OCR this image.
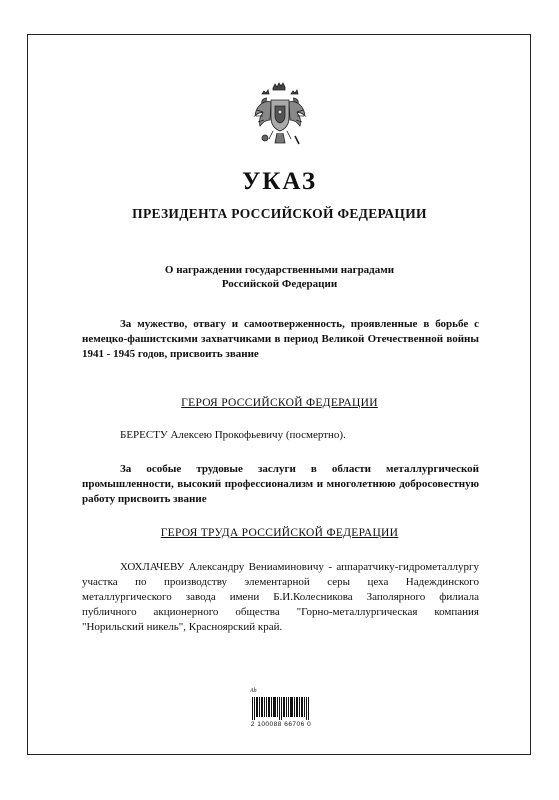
УКАЗ
ПРЕЗИДЕНТА РОССИЙСКОЙ ФЕДЕРАЦИИ
О награждении государственными наградами
Российской Федерации
За мужество, отвагу и самоотверженность, проявленные в борьбе с немецко-фашистскими захватчиками в период Великой Отечественной войны 1941 - 1945 годов, присвоить звание
ГЕРОЯ РОССИЙСКОЙ ФЕДЕРАЦИИ
БЕРЕСТУ Алексею Прокофьевичу (посмертно).
За особые трудовые заслуги в области металлургической промышленности, высокий профессионализм и многолетнюю добросовестную работу присвоить звание
ГЕРОЯ ТРУДА РОССИЙСКОЙ ФЕДЕРАЦИИ
ХОХЛАЧЕВУ Александру Вениаминовичу - аппаратчику-гидрометаллургу участка по производству элементарной серы цеха Надеждинского металлургического завода имени Б.И.Колесникова Заполярного филиала публичного акционерного общества "Горно-металлургическая компания "Норильский никель", Красноярский край.
Ah
2 100088 66706 0
